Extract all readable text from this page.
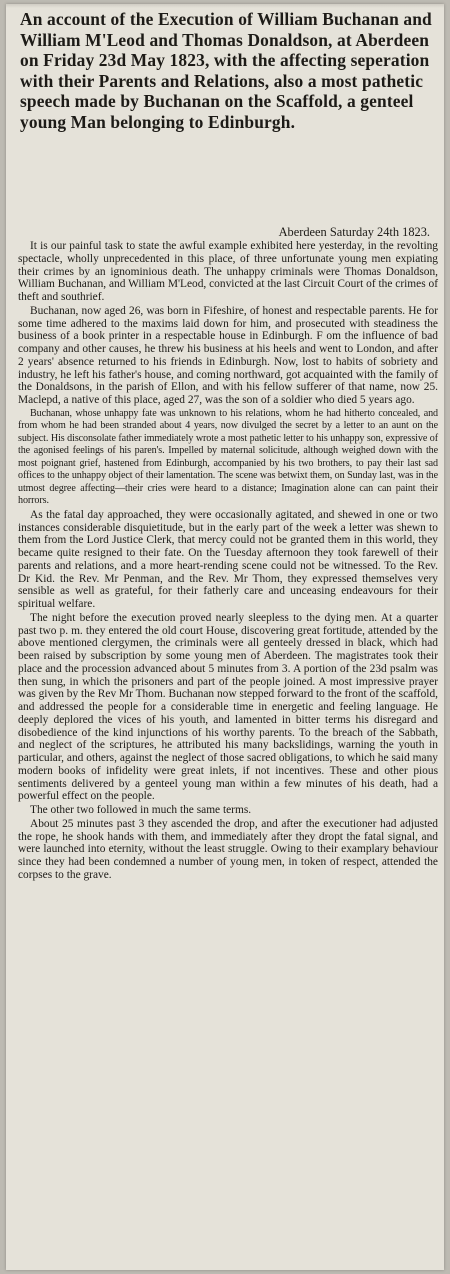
An account of the Execution of William Buchanan and William M'Leod and Thomas Donaldson, at Aberdeen on Friday 23d May 1823, with the affecting seperation with their Parents and Relations, also a most pathetic speech made by Buchanan on the Scaffold, a genteel young Man belonging to Edinburgh.
Aberdeen Saturday 24th 1823.

It is our painful task to state the awful example exhibited here yesterday, in the revolting spectacle, wholly unprecedented in this place, of three unfortunate young men expiating their crimes by an ignominious death. The unhappy criminals were Thomas Donaldson, William Buchanan, and William M'Leod, convicted at the last Circuit Court of the crimes of theft and southrief.

Buchanan, now aged 26, was born in Fifeshire, of honest and respectable parents. He for some time adhered to the maxims laid down for him, and prosecuted with steadiness the business of a book printer in a respectable house in Edinburgh. F om the influence of bad company and other causes, he threw his business at his heels and went to London, and after 2 years' absence returned to his friends in Edinburgh. Now, lost to habits of sobriety and industry, he left his father's house, and coming northward, got acquainted with the family of the Donaldsons, in the parish of Ellon, and with his fellow sufferer of that name, now 25. Maclepd, a native of this place, aged 27, was the son of a soldier who died 5 years ago.

Buchanan, whose unhappy fate was unknown to his relations, whom he had hitherto concealed, and from whom he had been stranded about 4 years, now divulged the secret by a letter to an aunt on the subject. His disconsolate father immediately wrote a most pathetic letter to his unhappy son, expressive of the agonised feelings of his paren's. Impelled by maternal solicitude, although weighed down with the most poignant grief, hastened from Edinburgh, accompanied by his two brothers, to pay their last sad offices to the unhappy object of their lamentation. The scene was betwixt them, on Sunday last, was in the utmost degree affecting—their cries were heard to a distance; Imagination alone can can paint their horrors.

As the fatal day approached, they were occasionally agitated, and shewed in one or two instances considerable disquietitude, but in the early part of the week a letter was shewn to them from the Lord Justice Clerk, that mercy could not be granted them in this world, they became quite resigned to their fate. On the Tuesday afternoon they took farewell of their parents and relations, and a more heart-rending scene could not be witnessed. To the Rev. Dr Kid. the Rev. Mr Penman, and the Rev. Mr Thom, they expressed themselves very sensible as well as grateful, for their fatherly care and unceasing endeavours for their spiritual welfare.

The night before the execution proved nearly sleepless to the dying men. At a quarter past two p. m. they entered the old court House, discovering great fortitude, attended by the above mentioned clergymen, the criminals were all genteely dressed in black, which had been raised by subscription by some young men of Aberdeen. The magistrates took their place and the procession advanced about 5 minutes from 3. A portion of the 23d psalm was then sung, in which the prisoners and part of the people joined. A most impressive prayer was given by the Rev Mr Thom. Buchanan now stepped forward to the front of the scaffold, and addressed the people for a considerable time in energetic and feeling language. He deeply deplored the vices of his youth, and lamented in bitter terms his disregard and disobedience of the kind injunctions of his worthy parents. To the breach of the Sabbath, and neglect of the scriptures, he attributed his many backslidings, warning the youth in particular, and others, against the neglect of those sacred obligations, to which he said many modern books of infidelity were great inlets, if not incentives. These and other pious sentiments delivered by a genteel young man within a few minutes of his death, had a powerful effect on the people.

The other two followed in much the same terms.

About 25 minutes past 3 they ascended the drop, and after the executioner had adjusted the rope, he shook hands with them, and immediately after they dropt the fatal signal, and were launched into eternity, without the least struggle. Owing to their examplary behaviour since they had been condemned a number of young men, in token of respect, attended the corpses to the grave.
